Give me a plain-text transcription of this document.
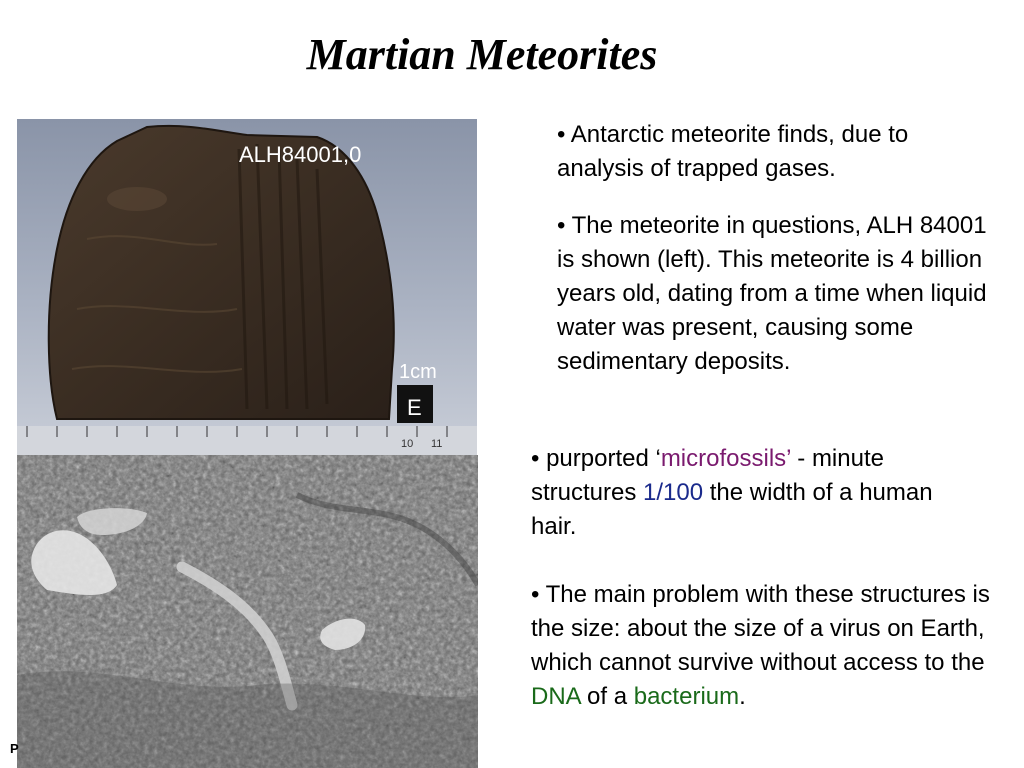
Martian Meteorites
10 11
ALH84001,0
1cm
E
• Antarctic meteorite finds, due to analysis of trapped gases.
• The meteorite in questions, ALH 84001 is shown (left). This meteorite is 4 billion years old, dating from a time when liquid water was present, causing some sedimentary deposits.
• purported ‘microfossils’ - minute structures 1/100 the width of a human hair.
• The main problem with these structures is the size: about the size of a virus on Earth, which cannot survive without access to the DNA of a bacterium.
P
